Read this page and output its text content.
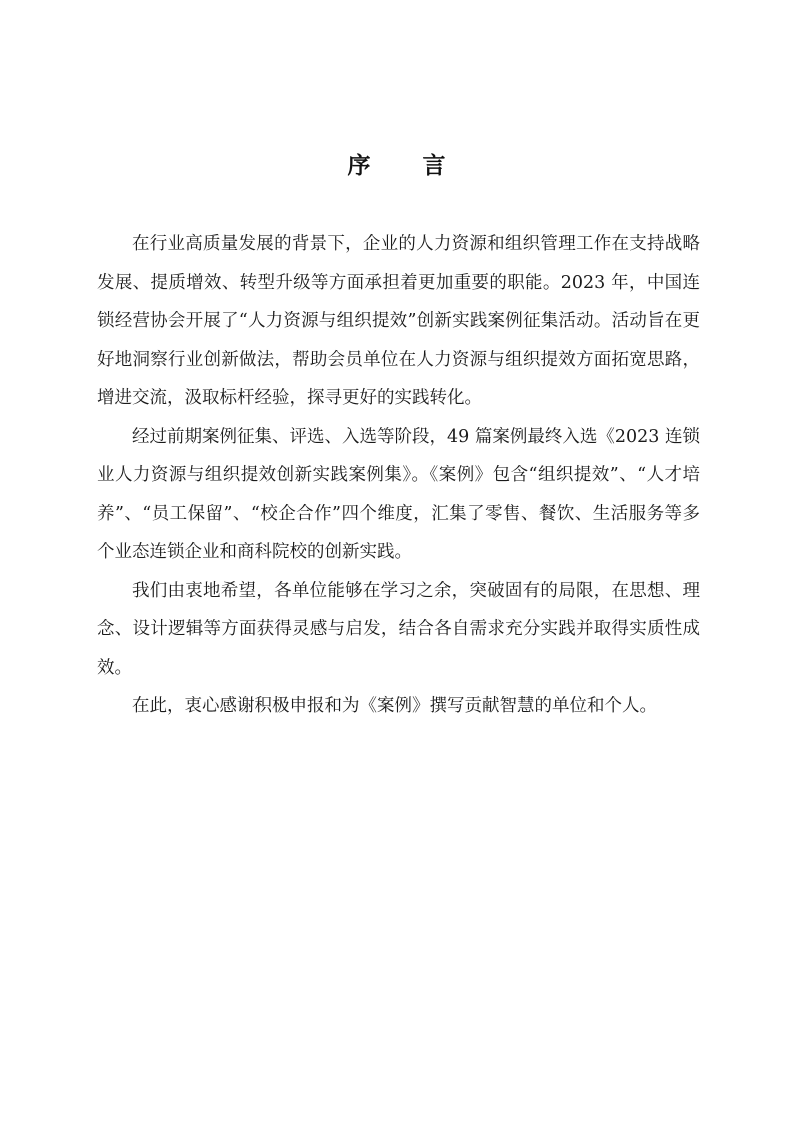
序 言

在行业高质量发展的背景下，企业的人力资源和组织管理工作在支持战略发展、提质增效、转型升级等方面承担着更加重要的职能。2023 年，中国连锁经营协会开展了“人力资源与组织提效”创新实践案例征集活动。活动旨在更好地洞察行业创新做法，帮助会员单位在人力资源与组织提效方面拓宽思路，增进交流，汲取标杆经验，探寻更好的实践转化。

经过前期案例征集、评选、入选等阶段，49 篇案例最终入选《2023 连锁业人力资源与组织提效创新实践案例集》。《案例》包含“组织提效”、“人才培养”、“员工保留”、“校企合作”四个维度，汇集了零售、餐饮、生活服务等多个业态连锁企业和商科院校的创新实践。

我们由衷地希望，各单位能够在学习之余，突破固有的局限，在思想、理念、设计逻辑等方面获得灵感与启发，结合各自需求充分实践并取得实质性成效。

在此，衷心感谢积极申报和为《案例》撰写贡献智慧的单位和个人。
